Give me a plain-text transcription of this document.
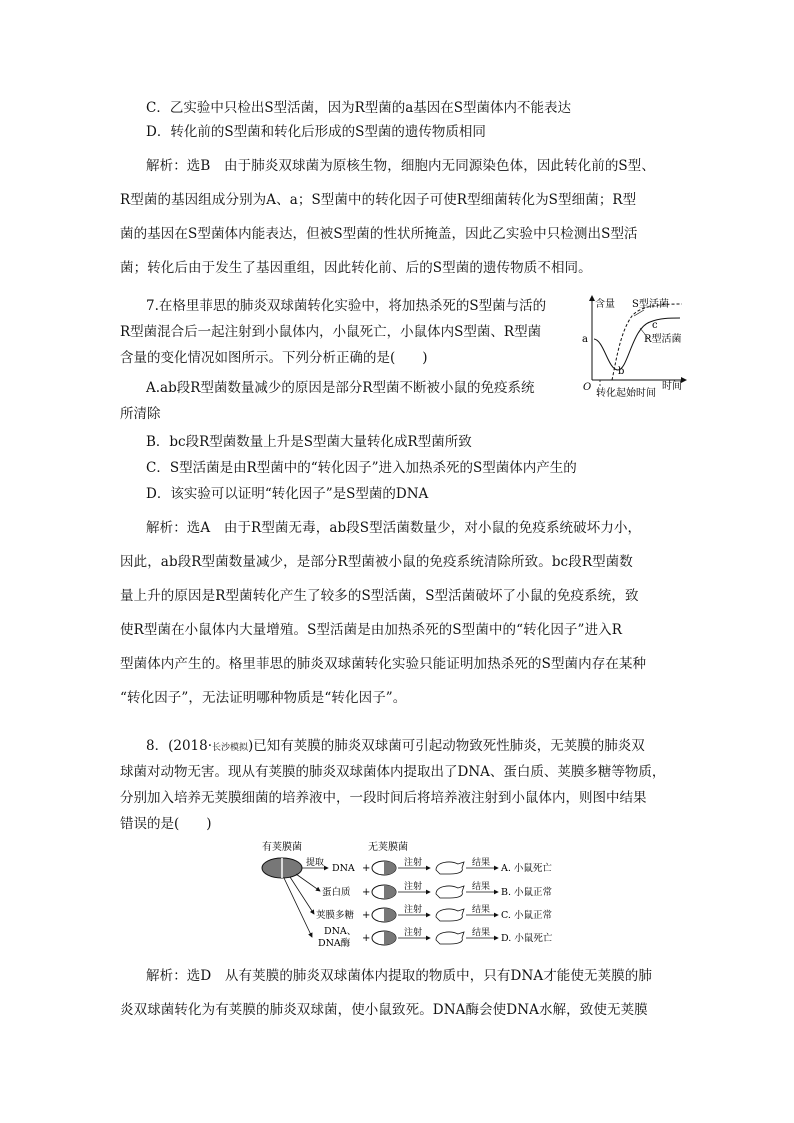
C．乙实验中只检出S型活菌，因为R型菌的a基因在S型菌体内不能表达
D．转化前的S型菌和转化后形成的S型菌的遗传物质相同
解析：选B　由于肺炎双球菌为原核生物，细胞内无同源染色体，因此转化前的S型、
R型菌的基因组成分别为A、a；S型菌中的转化因子可使R型细菌转化为S型细菌；R型
菌的基因在S型菌体内能表达，但被S型菌的性状所掩盖，因此乙实验中只检测出S型活
菌；转化后由于发生了基因重组，因此转化前、后的S型菌的遗传物质不相同。
7.在格里菲思的肺炎双球菌转化实验中，将加热杀死的S型菌与活的
R型菌混合后一起注射到小鼠体内，小鼠死亡，小鼠体内S型菌、R型菌
含量的变化情况如图所示。下列分析正确的是(　　)
A.ab段R型菌数量减少的原因是部分R型菌不断被小鼠的免疫系统
所清除
B．bc段R型菌数量上升是S型菌大量转化成R型菌所致
C．S型活菌是由R型菌中的“转化因子”进入加热杀死的S型菌体内产生的
D．该实验可以证明“转化因子”是S型菌的DNA
含量
时间
O
S型活菌
R型活菌
a
b
c
转化起始时间
解析：选A　由于R型菌无毒，ab段S型活菌数量少，对小鼠的免疫系统破坏力小，
因此，ab段R型菌数量减少，是部分R型菌被小鼠的免疫系统清除所致。bc段R型菌数
量上升的原因是R型菌转化产生了较多的S型活菌，S型活菌破坏了小鼠的免疫系统，致
使R型菌在小鼠体内大量增殖。S型活菌是由加热杀死的S型菌中的“转化因子”进入R
型菌体内产生的。格里菲思的肺炎双球菌转化实验只能证明加热杀死的S型菌内存在某种
“转化因子”，无法证明哪种物质是“转化因子”。
8．(2018·长沙模拟)已知有荚膜的肺炎双球菌可引起动物致死性肺炎，无荚膜的肺炎双
球菌对动物无害。现从有荚膜的肺炎双球菌体内提取出了DNA、蛋白质、荚膜多糖等物质，
分别加入培养无荚膜细菌的培养液中，一段时间后将培养液注射到小鼠体内，则图中结果
错误的是(　　)
有荚膜菌	无荚膜菌
提取 DNA
蛋白质
荚膜多糖
DNA、
DNA酶
+
+
+
+
注射
注射
注射
注射
结果
结果
结果
结果
A. 小鼠死亡
B. 小鼠正常
C. 小鼠正常
D. 小鼠死亡
解析：选D　从有荚膜的肺炎双球菌体内提取的物质中，只有DNA才能使无荚膜的肺
炎双球菌转化为有荚膜的肺炎双球菌，使小鼠致死。DNA酶会使DNA水解，致使无荚膜
